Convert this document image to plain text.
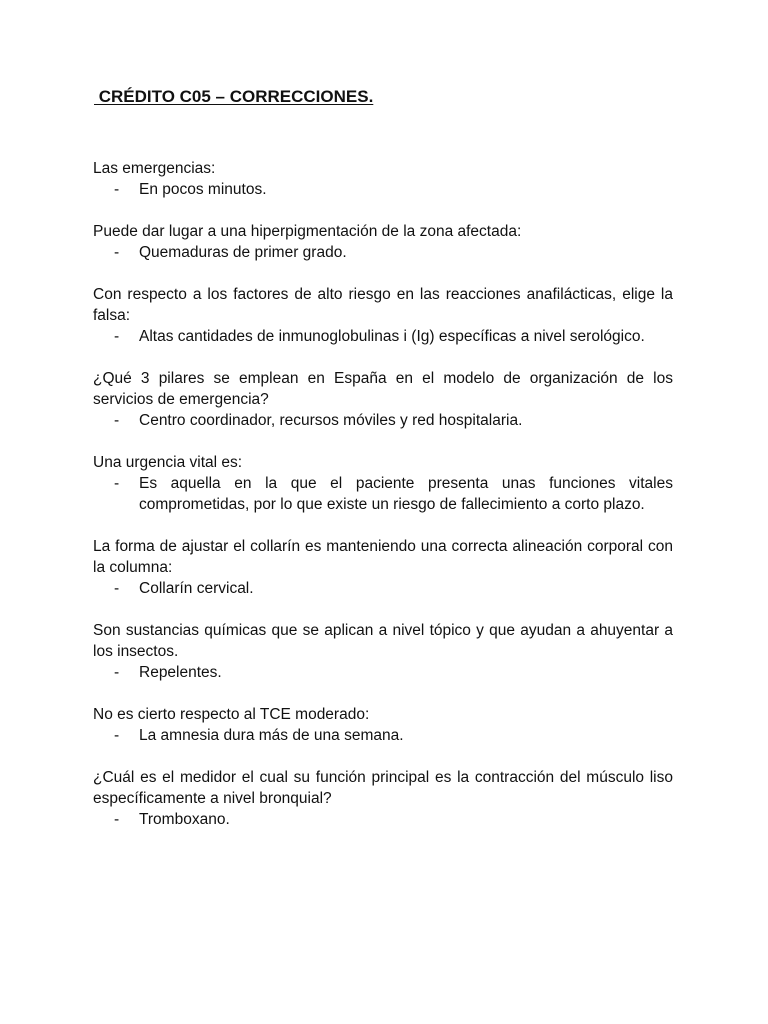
CRÉDITO C05 – CORRECCIONES.

Las emergencias:

- En pocos minutos.

Puede dar lugar a una hiperpigmentación de la zona afectada:

- Quemaduras de primer grado.

Con respecto a los factores de alto riesgo en las reacciones anafilácticas, elige la falsa:

- Altas cantidades de inmunoglobulinas i (Ig) específicas a nivel serológico.

¿Qué 3 pilares se emplean en España en el modelo de organización de los servicios de emergencia?

- Centro coordinador, recursos móviles y red hospitalaria.

Una urgencia vital es:

- Es aquella en la que el paciente presenta unas funciones vitales comprometidas, por lo que existe un riesgo de fallecimiento a corto plazo.

La forma de ajustar el collarín es manteniendo una correcta alineación corporal con la columna:

- Collarín cervical.

Son sustancias químicas que se aplican a nivel tópico y que ayudan a ahuyentar a los insectos.

- Repelentes.

No es cierto respecto al TCE moderado:

- La amnesia dura más de una semana.

¿Cuál es el medidor el cual su función principal es la contracción del músculo liso específicamente a nivel bronquial?

- Tromboxano.
